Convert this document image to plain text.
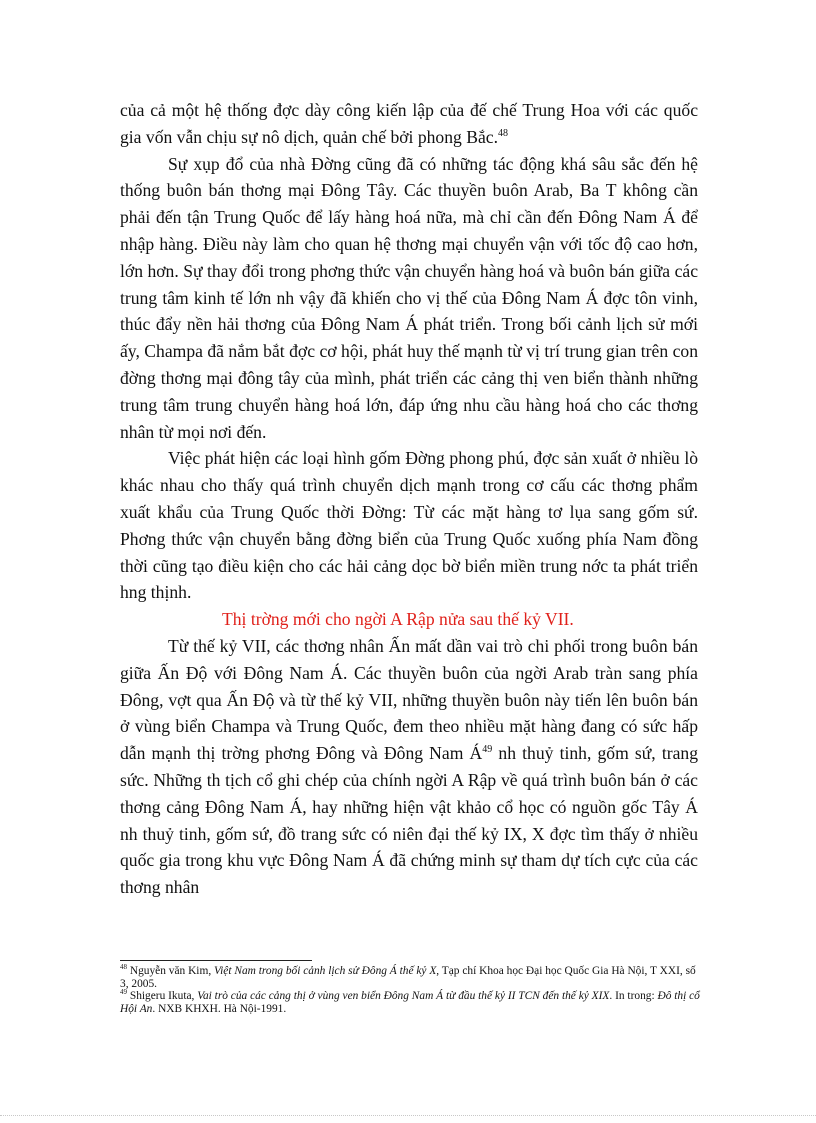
của cả một hệ thống đợc dày công kiến lập của đế chế Trung Hoa với các quốc gia vốn vẫn chịu sự nô dịch, quản chế bởi phong Bắc.$^{48}$

Sự xụp đổ của nhà Đờng cũng đã có những tác động khá sâu sắc đến hệ thống buôn bán thơng mại Đông Tây. Các thuyền buôn Arab, Ba T không cần phải đến tận Trung Quốc để lấy hàng hoá nữa, mà chỉ cần đến Đông Nam Á để nhập hàng. Điều này làm cho quan hệ thơng mại chuyển vận với tốc độ cao hơn, lớn hơn. Sự thay đổi trong phơng thức vận chuyển hàng hoá và buôn bán giữa các trung tâm kinh tế lớn nh vậy đã khiến cho vị thế của Đông Nam Á đợc tôn vinh, thúc đẩy nền hải thơng của Đông Nam Á phát triển. Trong bối cảnh lịch sử mới ấy, Champa đã nắm bắt đợc cơ hội, phát huy thế mạnh từ vị trí trung gian trên con đờng thơng mại đông tây của mình, phát triển các cảng thị ven biển thành những trung tâm trung chuyển hàng hoá lớn, đáp ứng nhu cầu hàng hoá cho các thơng nhân từ mọi nơi đến.

Việc phát hiện các loại hình gốm Đờng phong phú, đợc sản xuất ở nhiều lò khác nhau cho thấy quá trình chuyển dịch mạnh trong cơ cấu các thơng phẩm xuất khẩu của Trung Quốc thời Đờng: Từ các mặt hàng tơ lụa sang gốm sứ. Phơng thức vận chuyển bằng đờng biển của Trung Quốc xuống phía Nam đồng thời cũng tạo điều kiện cho các hải cảng dọc bờ biển miền trung nớc ta phát triển hng thịnh.

Thị trờng mới cho ngời A Rập nửa sau thế kỷ VII.

Từ thế kỷ VII, các thơng nhân Ấn mất dần vai trò chi phối trong buôn bán giữa Ấn Độ với Đông Nam Á. Các thuyền buôn của ngời Arab tràn sang phía Đông, vợt qua Ấn Độ và từ thế kỷ VII, những thuyền buôn này tiến lên buôn bán ở vùng biển Champa và Trung Quốc, đem theo nhiều mặt hàng đang có sức hấp dẫn mạnh thị trờng phơng Đông và Đông Nam $Á^{49}$ nh thuỷ tinh, gốm sứ, trang sức. Những th tịch cổ ghi chép của chính ngời A Rập về quá trình buôn bán ở các thơng cảng Đông Nam Á, hay những hiện vật khảo cổ học có nguồn gốc Tây Á nh thuỷ tinh, gốm sứ, đồ trang sức có niên đại thế kỷ IX, X đợc tìm thấy ở nhiều quốc gia trong khu vực Đông Nam Á đã chứng minh sự tham dự tích cực của các thơng nhân

$^{48}$ Nguyễn văn Kim, Việt Nam trong bối cảnh lịch sử Đông Á thế kỷ X, Tạp chí Khoa học Đại học Quốc Gia Hà Nội, T XXI, số 3, 2005.

$^{49}$ Shigeru Ikuta, Vai trò của các cảng thị ở vùng ven biển Đông Nam Á từ đầu thế kỷ II TCN đến thế kỷ XIX. In trong: Đô thị cổ Hội An. NXB KHXH. Hà Nội-1991.
